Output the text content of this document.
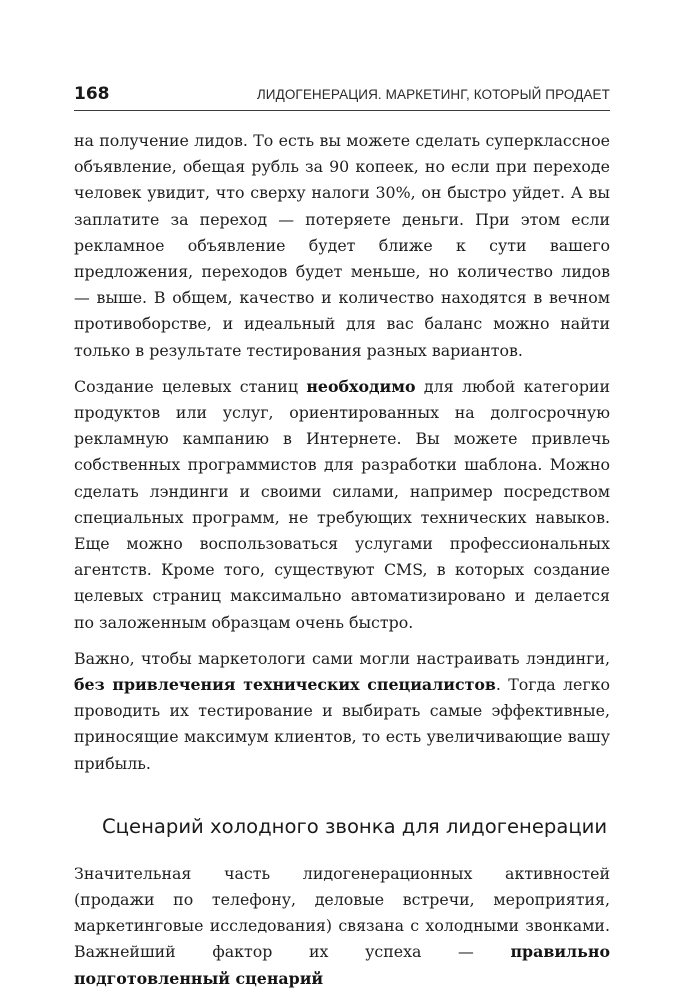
168	ЛИДОГЕНЕРАЦИЯ. МАРКЕТИНГ, КОТОРЫЙ ПРОДАЕТ

на получение лидов. То есть вы можете сделать суперклассное объявление, обещая рубль за 90 копеек, но если при переходе человек увидит, что сверху налоги 30%, он быстро уйдет. А вы заплатите за переход — потеряете деньги. При этом если рекламное объявление будет ближе к сути вашего предложения, переходов будет меньше, но количество лидов — выше. В общем, качество и количество находятся в вечном противоборстве, и идеальный для вас баланс можно найти только в результате тестирования разных вариантов.

Создание целевых станиц необходимо для любой категории продуктов или услуг, ориентированных на долгосрочную рекламную кампанию в Интернете. Вы можете привлечь собственных программистов для разработки шаблона. Можно сделать лэндинги и своими силами, например посредством специальных программ, не требующих технических навыков. Еще можно воспользоваться услугами профессиональных агентств. Кроме того, существуют CMS, в которых создание целевых страниц максимально автоматизировано и делается по заложенным образцам очень быстро.

Важно, чтобы маркетологи сами могли настраивать лэндинги, без привлечения технических специалистов. Тогда легко проводить их тестирование и выбирать самые эффективные, приносящие максимум клиентов, то есть увеличивающие вашу прибыль.

Сценарий холодного звонка для лидогенерации

Значительная часть лидогенерационных активностей (продажи по телефону, деловые встречи, мероприятия, маркетинговые исследования) связана с холодными звонками. Важнейший фактор их успеха — правильно подготовленный сценарий
